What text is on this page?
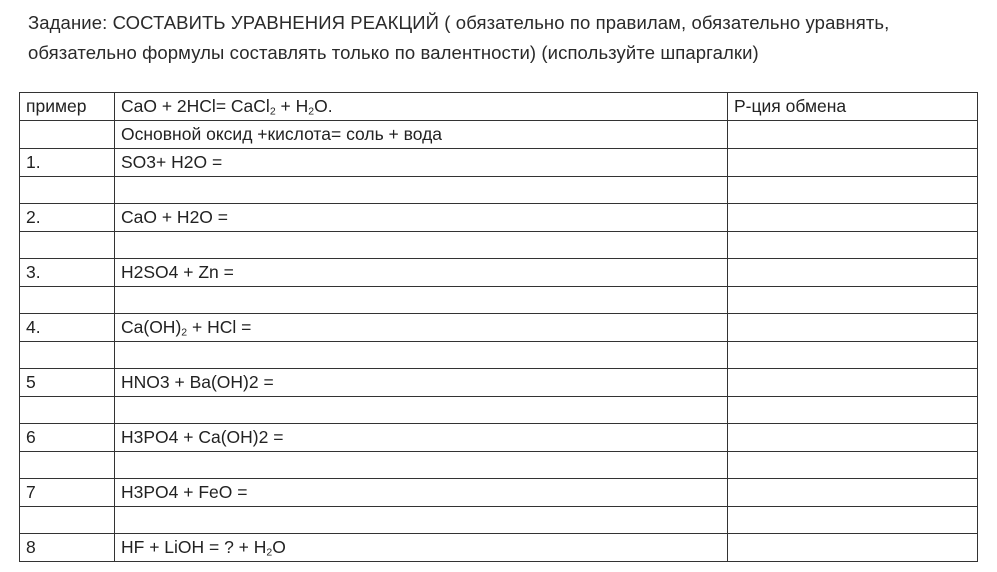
Задание: СОСТАВИТЬ УРАВНЕНИЯ РЕАКЦИЙ ( обязательно по правилам, обязательно уравнять,
обязательно формулы составлять только по валентности) (используйте шпаргалки)
пример	CaO + 2HCl= CaCl$_2$ + $H_2O$.	Р-ция обмена
	Основной оксид +кислота= соль + вода	
1.	SO3+ H2O =	

2.	CaO + H2O =	

3.	H2SO4 + Zn =	

4.	$Ca(OH)_2$ + HCl =	

5	HNO3 + Ba(OH)2 =	

6	H3PO4 + Ca(OH)2 =	

7	H3PO4 + FeO =	

8	HF + LiOH = ? + $H_2O$	
